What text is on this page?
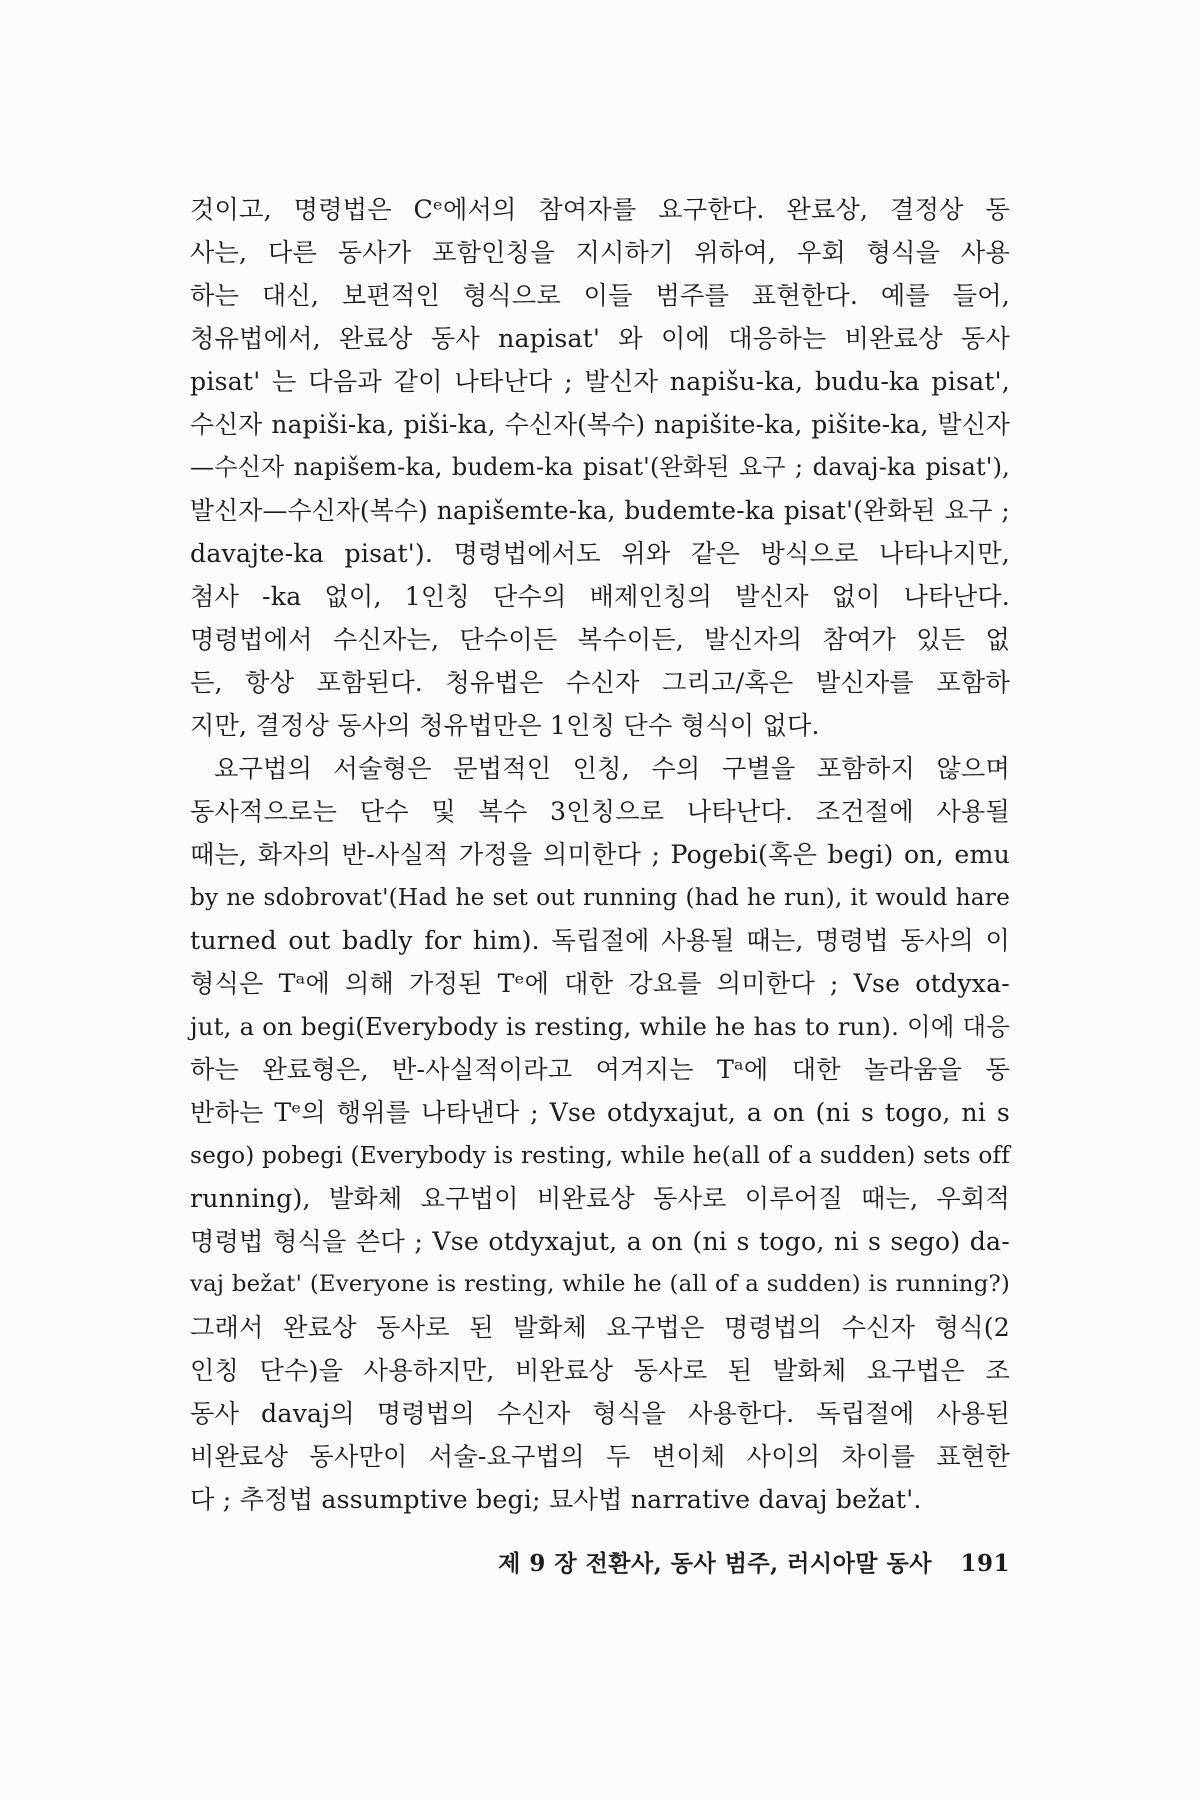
것이고, 명령법은 Cᵉ에서의 참여자를 요구한다. 완료상, 결정상 동
사는, 다른 동사가 포함인칭을 지시하기 위하여, 우회 형식을 사용
하는 대신, 보편적인 형식으로 이들 범주를 표현한다. 예를 들어,
청유법에서, 완료상 동사 napisat' 와 이에 대응하는 비완료상 동사
pisat' 는 다음과 같이 나타난다 ; 발신자 napišu-ka, budu-ka pisat',
수신자 napiši-ka, piši-ka, 수신자(복수) napišite-ka, pišite-ka, 발신자
—수신자 napišem-ka, budem-ka pisat'(완화된 요구 ; davaj-ka pisat'),
발신자—수신자(복수) napišemte-ka, budemte-ka pisat'(완화된 요구 ;
davajte-ka pisat'). 명령법에서도 위와 같은 방식으로 나타나지만,
첨사 -ka 없이, 1인칭 단수의 배제인칭의 발신자 없이 나타난다.
명령법에서 수신자는, 단수이든 복수이든, 발신자의 참여가 있든 없
든, 항상 포함된다. 청유법은 수신자 그리고/혹은 발신자를 포함하
지만, 결정상 동사의 청유법만은 1인칭 단수 형식이 없다.

요구법의 서술형은 문법적인 인칭, 수의 구별을 포함하지 않으며
동사적으로는 단수 및 복수 3인칭으로 나타난다. 조건절에 사용될
때는, 화자의 반-사실적 가정을 의미한다 ; Pogebi(혹은 begi) on, emu
by ne sdobrovat'(Had he set out running (had he run), it would hare
turned out badly for him). 독립절에 사용될 때는, 명령법 동사의 이
형식은 Tᵃ에 의해 가정된 Tᵉ에 대한 강요를 의미한다 ; Vse otdyxa-
jut, a on begi(Everybody is resting, while he has to run). 이에 대응
하는 완료형은, 반-사실적이라고 여겨지는 Tᵃ에 대한 놀라움을 동
반하는 Tᵉ의 행위를 나타낸다 ; Vse otdyxajut, a on (ni s togo, ni s
sego) pobegi (Everybody is resting, while he(all of a sudden) sets off
running), 발화체 요구법이 비완료상 동사로 이루어질 때는, 우회적
명령법 형식을 쓴다 ; Vse otdyxajut, a on (ni s togo, ni s sego) da-
vaj bežat' (Everyone is resting, while he (all of a sudden) is running?)
그래서 완료상 동사로 된 발화체 요구법은 명령법의 수신자 형식(2
인칭 단수)을 사용하지만, 비완료상 동사로 된 발화체 요구법은 조
동사 davaj의 명령법의 수신자 형식을 사용한다. 독립절에 사용된
비완료상 동사만이 서술-요구법의 두 변이체 사이의 차이를 표현한
다 ; 추정법 assumptive begi; 묘사법 narrative davaj bežat'.

제 9 장 전환사, 동사 범주, 러시아말 동사 191
